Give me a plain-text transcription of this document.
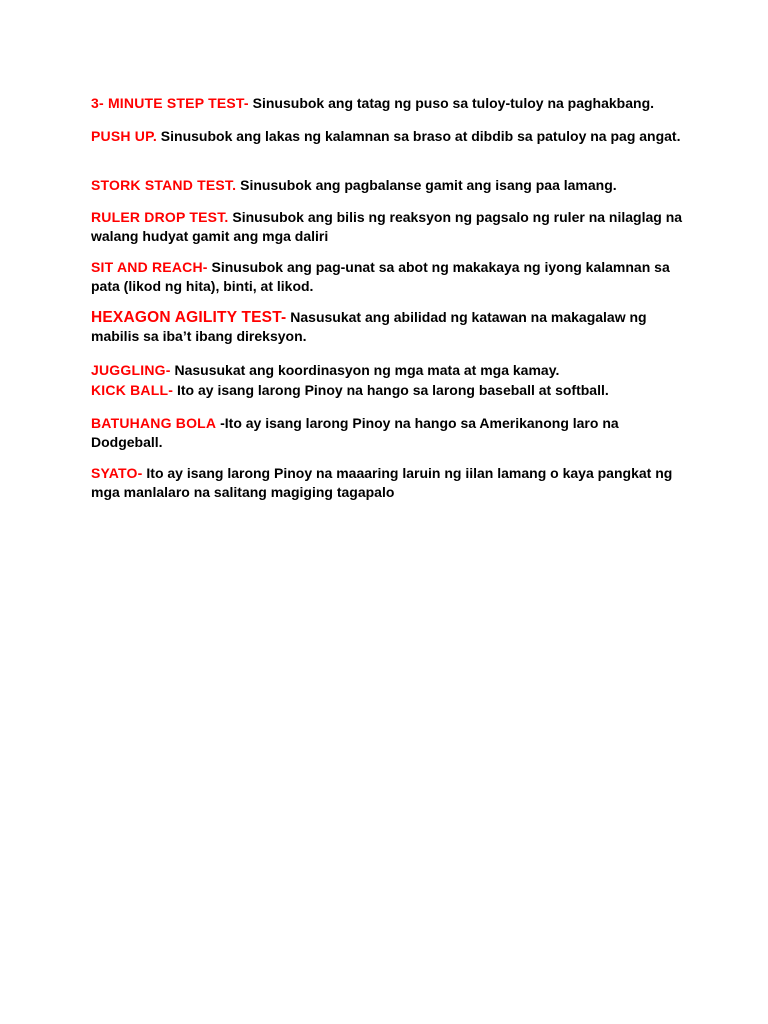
3- MINUTE STEP TEST- Sinusubok ang tatag ng puso sa tuloy-tuloy na paghakbang.
PUSH UP. Sinusubok ang lakas ng kalamnan sa braso at dibdib sa patuloy na pag angat.
STORK STAND TEST. Sinusubok ang pagbalanse gamit ang isang paa lamang.
RULER DROP TEST. Sinusubok ang bilis ng reaksyon ng pagsalo ng ruler na nilaglag na walang hudyat gamit ang mga daliri
SIT AND REACH- Sinusubok ang pag-unat sa abot ng makakaya ng iyong kalamnan sa pata (likod ng hita), binti, at likod.
HEXAGON AGILITY TEST- Nasusukat ang abilidad ng katawan na makagalaw ng mabilis sa iba’t ibang direksyon.
JUGGLING- Nasusukat ang koordinasyon ng mga mata at mga kamay.
KICK BALL- Ito ay isang larong Pinoy na hango sa larong baseball at softball.
BATUHANG BOLA -Ito ay isang larong Pinoy na hango sa Amerikanong laro na Dodgeball.
SYATO- Ito ay isang larong Pinoy na maaaring laruin ng iilan lamang o kaya pangkat ng mga manlalaro na salitang magiging tagapalo
